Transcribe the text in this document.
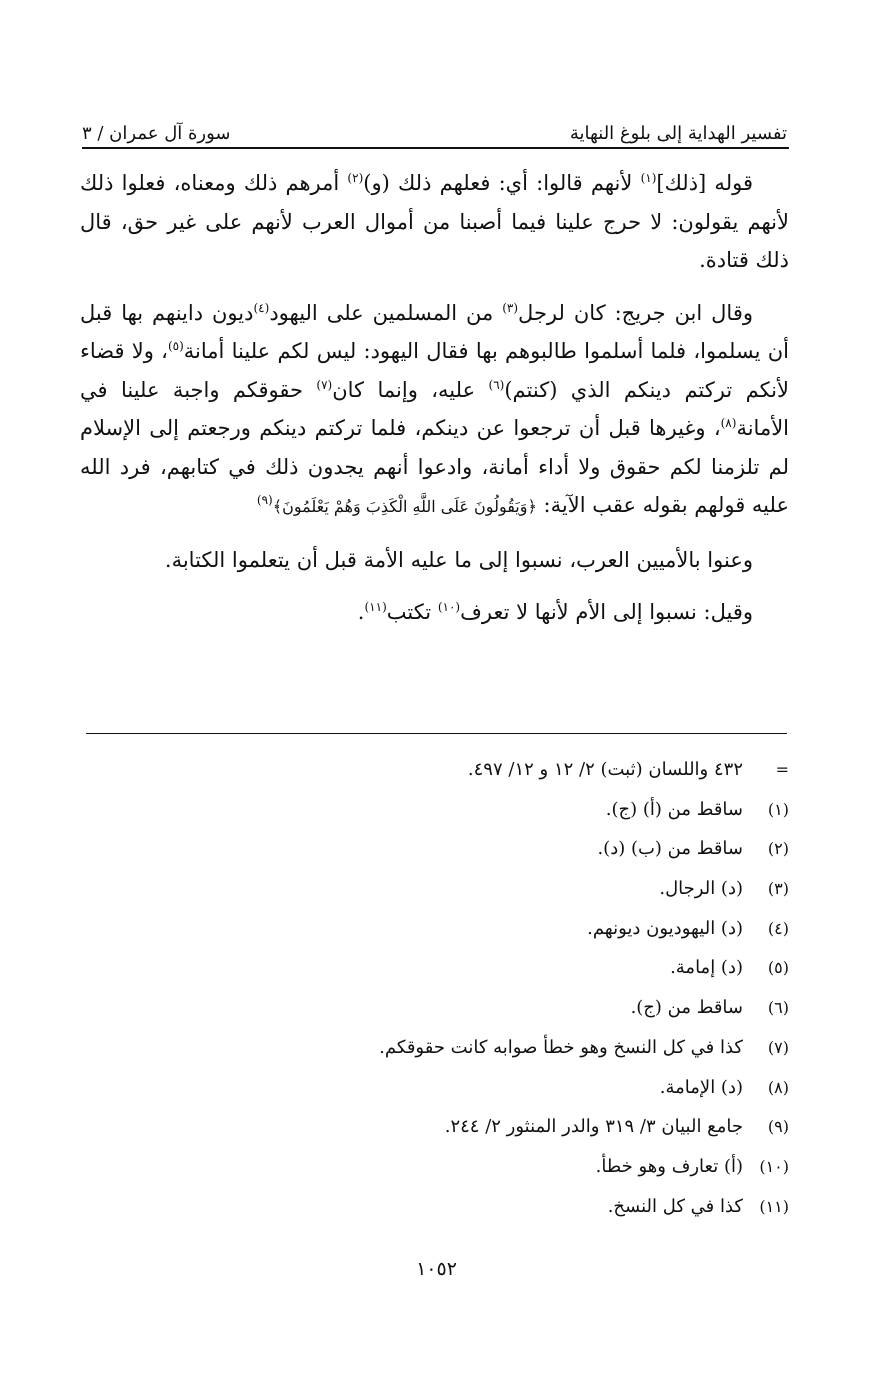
تفسير الهداية إلى بلوغ النهاية
سورة آل عمران / ٣

قوله [ذلك]$^{(١)}$ لأنهم قالوا: أي: فعلهم ذلك (و)$^{(٢)}$ أمرهم ذلك ومعناه، فعلوا ذلك لأنهم يقولون: لا حرج علينا فيما أصبنا من أموال العرب لأنهم على غير حق، قال ذلك قتادة.

وقال ابن جريج: كان لرجل$^{(٣)}$ من المسلمين على اليهود$^{(٤)}$ديون داينهم بها قبل أن يسلموا، فلما أسلموا طالبوهم بها فقال اليهود: ليس لكم علينا أمانة$^{(٥)}$، ولا قضاء لأنكم تركتم دينكم الذي (كنتم)$^{(٦)}$ عليه، وإنما كان$^{(٧)}$ حقوقكم واجبة علينا في الأمانة$^{(٨)}$، وغيرها قبل أن ترجعوا عن دينكم، فلما تركتم دينكم ورجعتم إلى الإسلام لم تلزمنا لكم حقوق ولا أداء أمانة، وادعوا أنهم يجدون ذلك في كتابهم، فرد الله عليه قولهم بقوله عقب الآية: ﴿وَيَقُولُونَ عَلَى اللَّهِ الْكَذِبَ وَهُمْ يَعْلَمُونَ﴾$^{(٩)}$

وعنوا بالأميين العرب، نسبوا إلى ما عليه الأمة قبل أن يتعلموا الكتابة.

وقيل: نسبوا إلى الأم لأنها لا تعرف$^{(١٠)}$ تكتب$^{(١١)}$.

=
٤٣٢ واللسان (ثبت) ٢/ ١٢ و ١٢/ ٤٩٧.
(١)
ساقط من (أ) (ج).
(٢)
ساقط من (ب) (د).
(٣)
(د) الرجال.
(٤)
(د) اليهوديون ديونهم.
(٥)
(د) إمامة.
(٦)
ساقط من (ج).
(٧)
كذا في كل النسخ وهو خطأ صوابه كانت حقوقكم.
(٨)
(د) الإمامة.
(٩)
جامع البيان ٣/ ٣١٩ والدر المنثور ٢/ ٢٤٤.
(١٠)
(أ) تعارف وهو خطأ.
(١١)
كذا في كل النسخ.
١٠٥٢
